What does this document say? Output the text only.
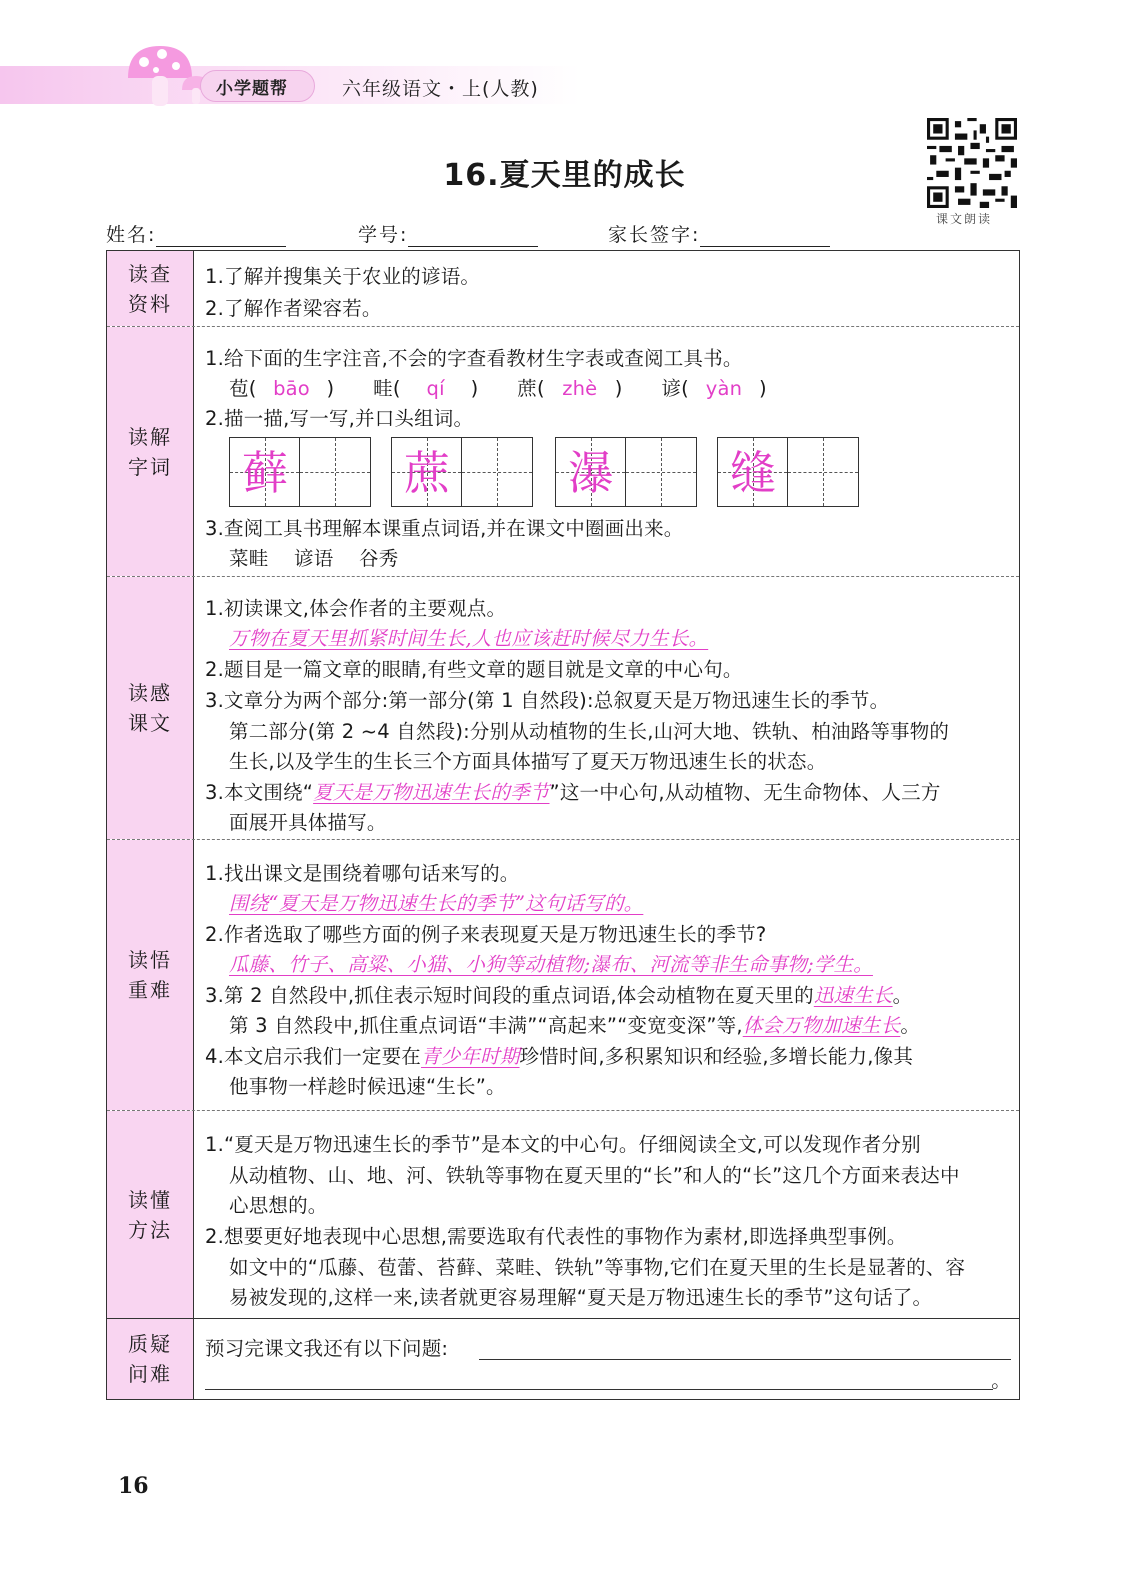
小学题帮	六年级语文・上(人教)
课文朗读
16.夏天里的成长
姓名:	学号:	家长签字:
读查
资料
1.了解并搜集关于农业的谚语。
2.了解作者梁容若。
读解
字词
1.给下面的生字注音,不会的字查看教材生字表或查阅工具书。
苞( bāo ) 畦( qí ) 蔗( zhè ) 谚( yàn )
2.描一描,写一写,并口头组词。
藓	蔗	瀑	缝
3.查阅工具书理解本课重点词语,并在课文中圈画出来。
菜畦    谚语    谷秀
读感
课文
1.初读课文,体会作者的主要观点。
万物在夏天里抓紧时间生长,人也应该赶时候尽力生长。
2.题目是一篇文章的眼睛,有些文章的题目就是文章的中心句。
3.文章分为两个部分:第一部分(第 1 自然段):总叙夏天是万物迅速生长的季节。
第二部分(第 2 ~4 自然段):分别从动植物的生长,山河大地、铁轨、柏油路等事物的
生长,以及学生的生长三个方面具体描写了夏天万物迅速生长的状态。
3.本文围绕“夏天是万物迅速生长的季节”这一中心句,从动植物、无生命物体、人三方
面展开具体描写。
读悟
重难
1.找出课文是围绕着哪句话来写的。
围绕“夏天是万物迅速生长的季节”这句话写的。
2.作者选取了哪些方面的例子来表现夏天是万物迅速生长的季节?
瓜藤、竹子、高粱、小猫、小狗等动植物;瀑布、河流等非生命事物;学生。
3.第 2 自然段中,抓住表示短时间段的重点词语,体会动植物在夏天里的迅速生长。
第 3 自然段中,抓住重点词语“丰满”“高起来”“变宽变深”等,体会万物加速生长。
4.本文启示我们一定要在青少年时期珍惜时间,多积累知识和经验,多增长能力,像其
他事物一样趁时候迅速“生长”。
读懂
方法
1.“夏天是万物迅速生长的季节”是本文的中心句。仔细阅读全文,可以发现作者分别
从动植物、山、地、河、铁轨等事物在夏天里的“长”和人的“长”这几个方面来表达中
心思想的。
2.想要更好地表现中心思想,需要选取有代表性的事物作为素材,即选择典型事例。
如文中的“瓜藤、苞蕾、苔藓、菜畦、铁轨”等事物,它们在夏天里的生长是显著的、容
易被发现的,这样一来,读者就更容易理解“夏天是万物迅速生长的季节”这句话了。
质疑
问难
预习完课文我还有以下问题:
。
16
